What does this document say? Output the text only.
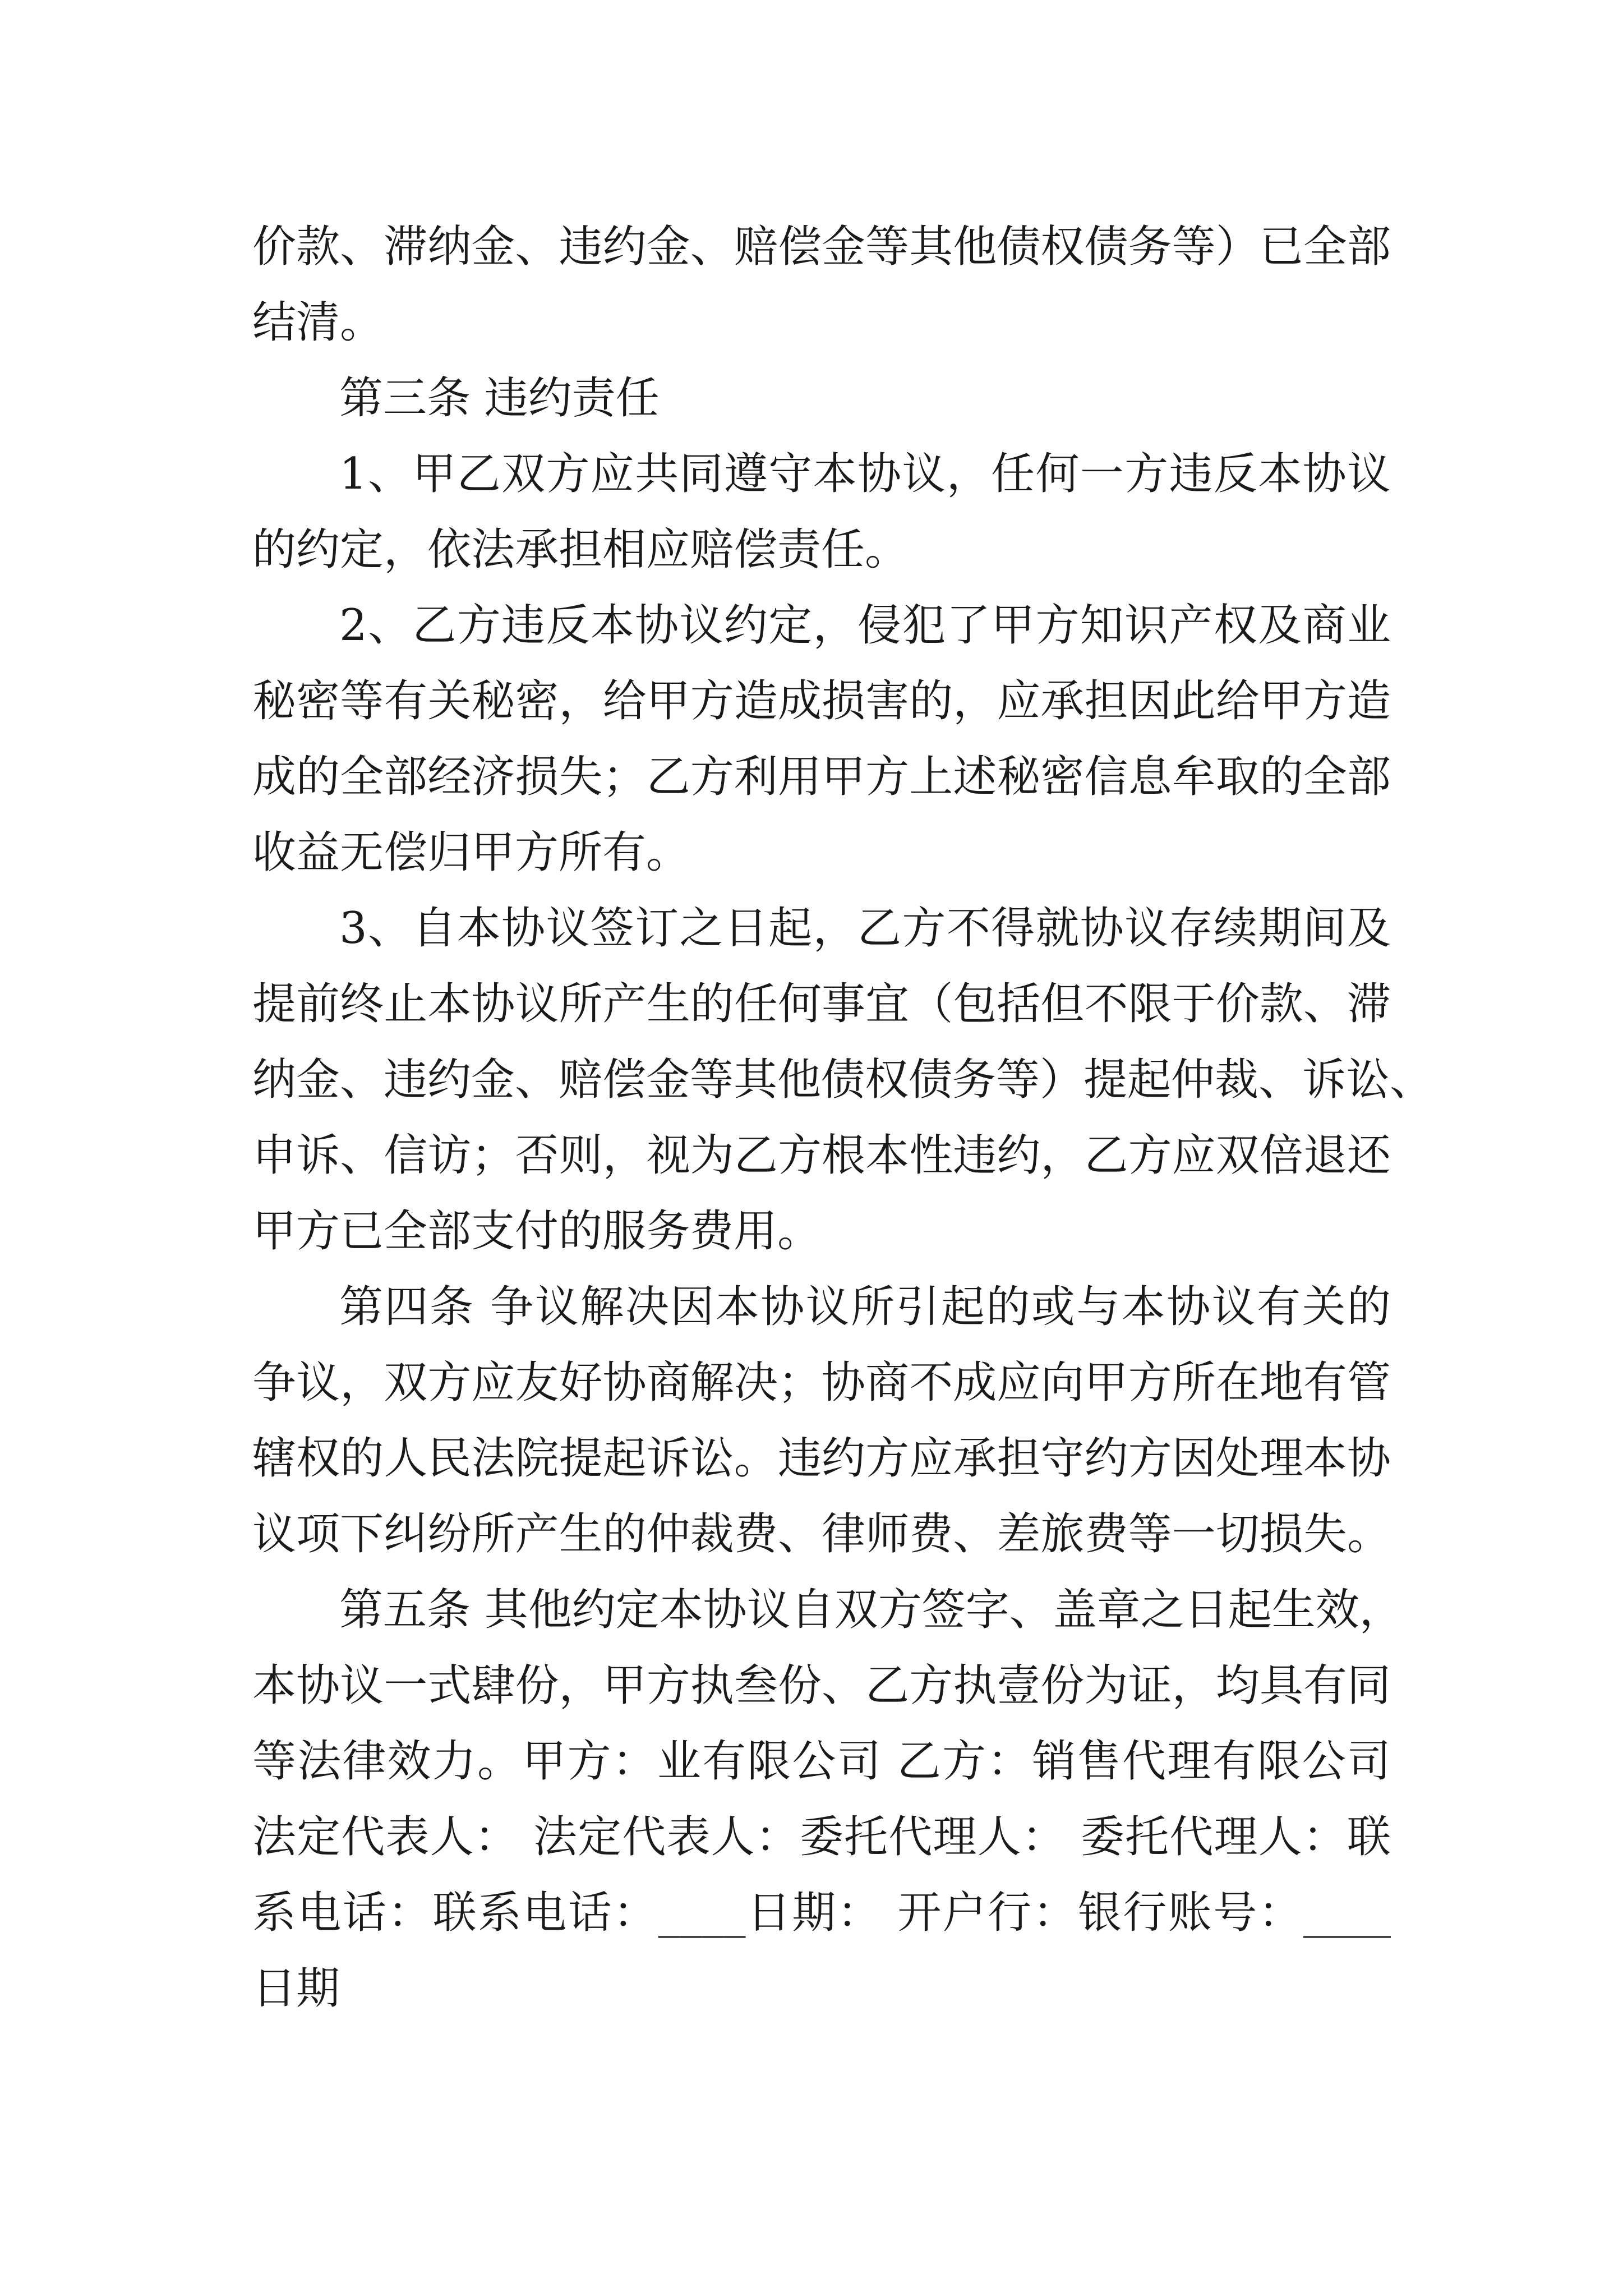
价款、滞纳金、违约金、赔偿金等其他债权债务等）已全部
结清。
第三条 违约责任
1、甲乙双方应共同遵守本协议，任何一方违反本协议
的约定，依法承担相应赔偿责任。
2、乙方违反本协议约定，侵犯了甲方知识产权及商业
秘密等有关秘密，给甲方造成损害的，应承担因此给甲方造
成的全部经济损失；乙方利用甲方上述秘密信息牟取的全部
收益无偿归甲方所有。
3、自本协议签订之日起，乙方不得就协议存续期间及
提前终止本协议所产生的任何事宜（包括但不限于价款、滞
纳金、违约金、赔偿金等其他债权债务等）提起仲裁、诉讼、
申诉、信访；否则，视为乙方根本性违约，乙方应双倍退还
甲方已全部支付的服务费用。
第四条 争议解决因本协议所引起的或与本协议有关的
争议，双方应友好协商解决；协商不成应向甲方所在地有管
辖权的人民法院提起诉讼。违约方应承担守约方因处理本协
议项下纠纷所产生的仲裁费、律师费、差旅费等一切损失。
第五条 其他约定本协议自双方签字、盖章之日起生效，
本协议一式肆份，甲方执叁份、乙方执壹份为证，均具有同
等法律效力。甲方：业有限公司 乙方：销售代理有限公司
法定代表人： 法定代表人：委托代理人： 委托代理人：联
系电话：联系电话：____日期： 开户行：银行账号：____
日期
